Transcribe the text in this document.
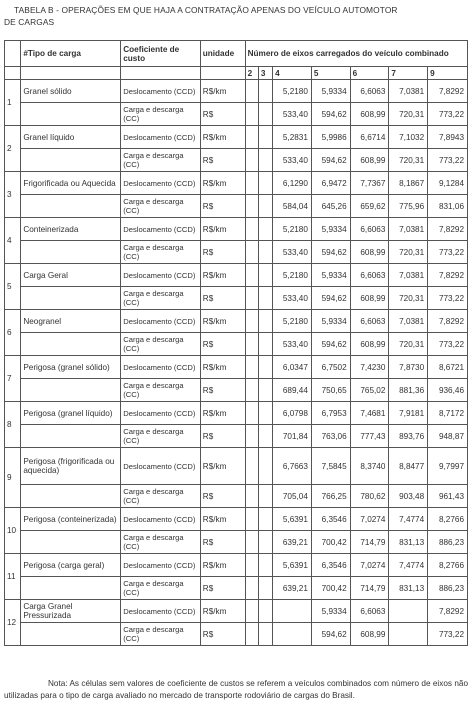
TABELA B - OPERAÇÕES EM QUE HAJA A CONTRATAÇÃO APENAS DO VEÍCULO AUTOMOTOR
DE CARGAS
	#Tipo de carga	Coeficiente de custo	unidade	Número de eixos carregados do veículo combinado						
				2	3	4	5	6	7	9
1	Granel sólido	Deslocamento (CCD)	R$/km			5,2180	5,9334	6,6063	7,0381	7,8292
		Carga e descarga (CC)	R$			533,40	594,62	608,99	720,31	773,22
2	Granel líquido	Deslocamento (CCD)	R$/km			5,2831	5,9986	6,6714	7,1032	7,8943
		Carga e descarga (CC)	R$			533,40	594,62	608,99	720,31	773,22
3	Frigorificada ou Aquecida	Deslocamento (CCD)	R$/km			6,1290	6,9472	7,7367	8,1867	9,1284
		Carga e descarga (CC)	R$			584,04	645,26	659,62	775,96	831,06
4	Conteinerizada	Deslocamento (CCD)	R$/km			5,2180	5,9334	6,6063	7,0381	7,8292
		Carga e descarga (CC)	R$			533,40	594,62	608,99	720,31	773,22
5	Carga Geral	Deslocamento (CCD)	R$/km			5,2180	5,9334	6,6063	7,0381	7,8292
		Carga e descarga (CC)	R$			533,40	594,62	608,99	720,31	773,22
6	Neogranel	Deslocamento (CCD)	R$/km			5,2180	5,9334	6,6063	7,0381	7,8292
		Carga e descarga (CC)	R$			533,40	594,62	608,99	720,31	773,22
7	Perigosa (granel sólido)	Deslocamento (CCD)	R$/km			6,0347	6,7502	7,4230	7,8730	8,6721
		Carga e descarga (CC)	R$			689,44	750,65	765,02	881,36	936,46
8	Perigosa (granel líquido)	Deslocamento (CCD)	R$/km			6,0798	6,7953	7,4681	7,9181	8,7172
		Carga e descarga (CC)	R$			701,84	763,06	777,43	893,76	948,87
9	Perigosa (frigorificada ou aquecida)	Deslocamento (CCD)	R$/km			6,7663	7,5845	8,3740	8,8477	9,7997
		Carga e descarga (CC)	R$			705,04	766,25	780,62	903,48	961,43
10	Perigosa (conteinerizada)	Deslocamento (CCD)	R$/km			5,6391	6,3546	7,0274	7,4774	8,2766
		Carga e descarga (CC)	R$			639,21	700,42	714,79	831,13	886,23
11	Perigosa (carga geral)	Deslocamento (CCD)	R$/km			5,6391	6,3546	7,0274	7,4774	8,2766
		Carga e descarga (CC)	R$			639,21	700,42	714,79	831,13	886,23
12	Carga Granel Pressurizada	Deslocamento (CCD)	R$/km				5,9334	6,6063		7,8292
		Carga e descarga (CC)	R$				594,62	608,99		773,22
Nota: As células sem valores de coeficiente de custos se referem a veículos combinados com número de eixos não utilizadas para o tipo de carga avaliado no mercado de transporte rodoviário de cargas do Brasil.
